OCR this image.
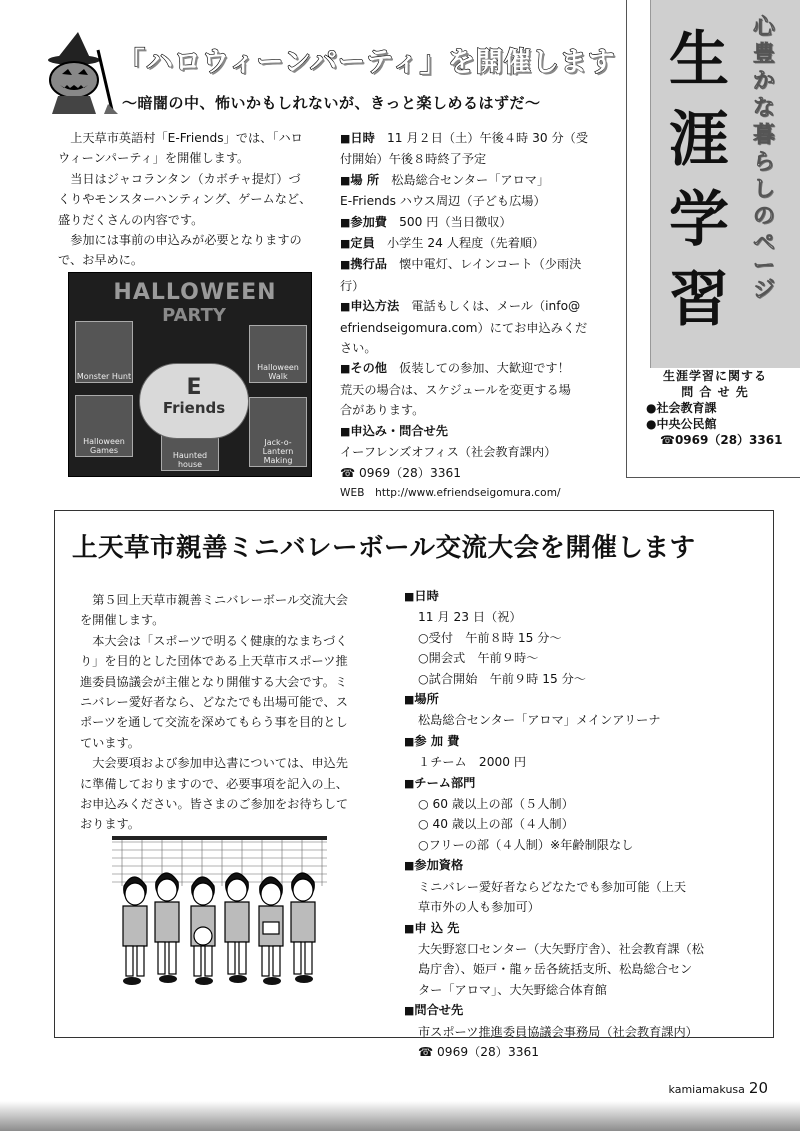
「ハロウィーンパーティ」を開催します
〜暗闇の中、怖いかもしれないが、きっと楽しめるはずだ〜

上天草市英語村「E-Friends」では、「ハロ

ウィーンパーティ」を開催します。

当日はジャコランタン（カボチャ提灯）づ

くりやモンスターハンティング、ゲームなど、
盛りだくさんの内容です。

参加には事前の申込みが必要となりますの

で、お早めに。
HALLOWEEN
PARTY
Monster Hunt
Halloween Walk
Halloween Games
Haunted house
Jack-o-Lantern Making
E
Friends
■日時　 11 月２日（土）午後４時 30 分（受
付開始）午後８時終了予定
■場 所　 松島総合センター「アロマ」
E-Friends ハウス周辺（子ども広場）
■参加費　 500 円（当日徴収）
■定員　 小学生 24 人程度（先着順）
■携行品　 懐中電灯、レインコート（少雨決
行）
■申込方法　 電話もしくは、メール（info@
efriendseigomura.com）にてお申込みくだ
さい。
■その他　 仮装しての参加、大歓迎です！
荒天の場合は、スケジュールを変更する場
合があります。
■申込み・問合せ先
イーフレンズオフィス（社会教育課内）
☎ 0969（28）3361
WEB　http://www.efriendseigomura.com/
生
涯
学
習
心
豊
か
な
暮
ら
し
の
ペ
ー
ジ
生涯学習に関する
問 合 せ 先
●社会教育課
●中央公民館
☎0969（28）3361
上天草市親善ミニバレーボール交流大会を開催します

第５回上天草市親善ミニバレーボール交流大会

を開催します。

本大会は「スポーツで明るく健康的なまちづく

り」を目的とした団体である上天草市スポーツ推
進委員協議会が主催となり開催する大会です。ミ
ニバレー愛好者なら、どなたでも出場可能で、ス
ポーツを通して交流を深めてもらう事を目的とし
ています。

大会要項および参加申込書については、申込先

に準備しておりますので、必要事項を記入の上、
お申込みください。皆さまのご参加をお待ちして
おります。
■日時
11 月 23 日（祝）
○受付　午前８時 15 分〜
○開会式　午前９時〜
○試合開始　午前９時 15 分〜
■場所
松島総合センター「アロマ」メインアリーナ
■参 加 費
１チーム　2000 円
■チーム部門
○ 60 歳以上の部（５人制）
○ 40 歳以上の部（４人制）
○フリーの部（４人制）※年齢制限なし
■参加資格
ミニバレー愛好者ならどなたでも参加可能（上天
草市外の人も参加可）
■申 込 先
大矢野窓口センター（大矢野庁舎）、社会教育課（松
島庁舎）、姫戸・龍ヶ岳各統括支所、松島総合セン
ター「アロマ」、大矢野総合体育館
■問合せ先
市スポーツ推進委員協議会事務局（社会教育課内）
☎ 0969（28）3361
kamiamakusa 20
